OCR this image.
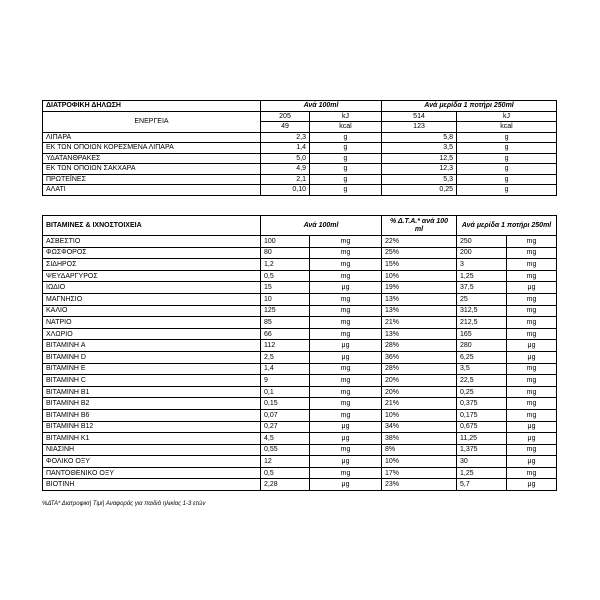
ΔΙΑΤΡΟΦΙΚΗ ΔΗΛΩΣΗ	Ανά 100ml		Ανά μερίδα 1 ποτήρι 250ml	
ΕΝΕΡΓΕΙΑ	205	kJ	514	kJ
	49	kcal	123	kcal
ΛΙΠΑΡΑ	2,3	g	5,8	g
ΕΚ ΤΩΝ ΟΠΟΙΩΝ ΚΟΡΕΣΜΕΝΑ ΛΙΠΑΡΑ	1,4	g	3,5	g
ΥΔΑΤΑΝΘΡΑΚΕΣ	5,0	g	12,5	g
ΕΚ ΤΩΝ ΟΠΟΙΩΝ ΣΑΚΧΑΡΑ	4,9	g	12,3	g
ΠΡΩΤΕΪΝΕΣ	2,1	g	5,3	g
ΑΛΑΤΙ	0,10	g	0,25	g
ΒΙΤΑΜΙΝΕΣ & ΙΧΝΟΣΤΟΙΧΕΙΑ	Ανά 100ml		% Δ.Τ.Α.* ανά 100 ml	Ανά μερίδα 1 ποτήρι 250ml	
ΑΣΒΕΣΤΙΟ	100	mg	22%	250	mg
ΦΩΣΦΟΡΟΣ	80	mg	25%	200	mg
ΣΙΔΗΡΟΣ	1,2	mg	15%	3	mg
ΨΕΥΔΑΡΓΥΡΟΣ	0,5	mg	10%	1,25	mg
ΙΩΔΙΟ	15	μg	19%	37,5	μg
ΜΑΓΝΗΣΙΟ	10	mg	13%	25	mg
ΚΑΛΙΟ	125	mg	13%	312,5	mg
ΝΑΤΡΙΟ	85	mg	21%	212,5	mg
ΧΛΩΡΙΟ	66	mg	13%	165	mg
ΒΙΤΑΜΙΝΗ A	112	μg	28%	280	μg
ΒΙΤΑΜΙΝΗ D	2,5	μg	36%	6,25	μg
ΒΙΤΑΜΙΝΗ E	1,4	mg	28%	3,5	mg
ΒΙΤΑΜΙΝΗ C	9	mg	20%	22,5	mg
ΒΙΤΑΜΙΝΗ B1	0,1	mg	20%	0,25	mg
ΒΙΤΑΜΙΝΗ B2	0,15	mg	21%	0,375	mg
ΒΙΤΑΜΙΝΗ B6	0,07	mg	10%	0,175	mg
ΒΙΤΑΜΙΝΗ B12	0,27	μg	34%	0,675	μg
ΒΙΤΑΜΙΝΗ K1	4,5	μg	38%	11,25	μg
ΝΙΑΣΙΝΗ	0,55	mg	8%	1,375	mg
ΦΟΛΙΚΟ ΟΞΥ	12	μg	10%	30	μg
ΠΑΝΤΟΘΕΝΙΚΟ ΟΞΥ	0,5	mg	17%	1,25	mg
ΒΙΟΤΙΝΗ	2,28	μg	23%	5,7	μg
%ΔΤΑ* Διατροφική Τιμή Αναφοράς για παιδιά ηλικίας 1-3 ετών
